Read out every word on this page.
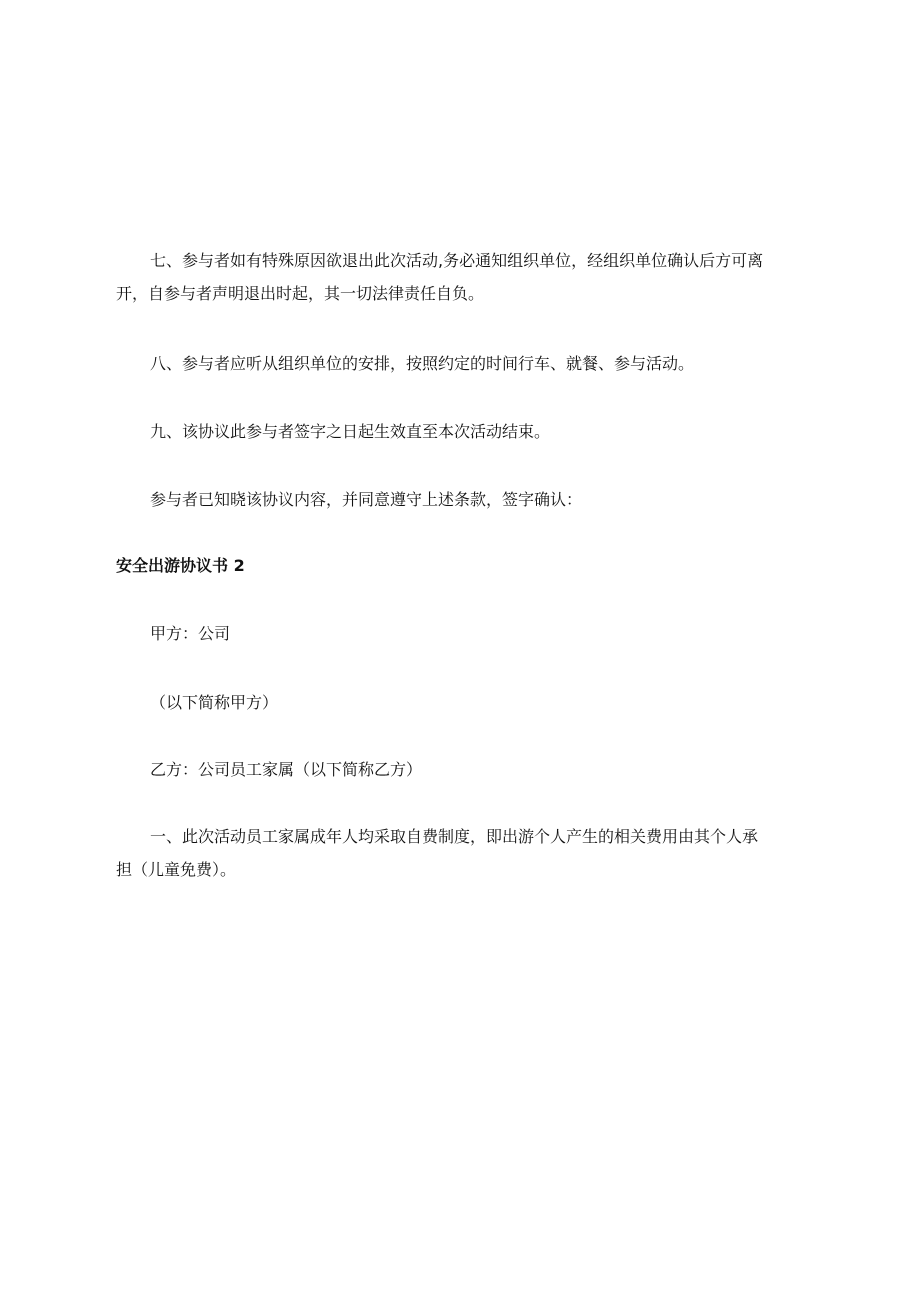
七、参与者如有特殊原因欲退出此次活动,务必通知组织单位，经组织单位确认后方可离
开，自参与者声明退出时起，其一切法律责任自负。

八、参与者应听从组织单位的安排，按照约定的时间行车、就餐、参与活动。

九、该协议此参与者签字之日起生效直至本次活动结束。

参与者已知晓该协议内容，并同意遵守上述条款，签字确认：

安全出游协议书 2

甲方：公司

（以下简称甲方）

乙方：公司员工家属（以下简称乙方）

一、此次活动员工家属成年人均采取自费制度，即出游个人产生的相关费用由其个人承
担（儿童免费）。
